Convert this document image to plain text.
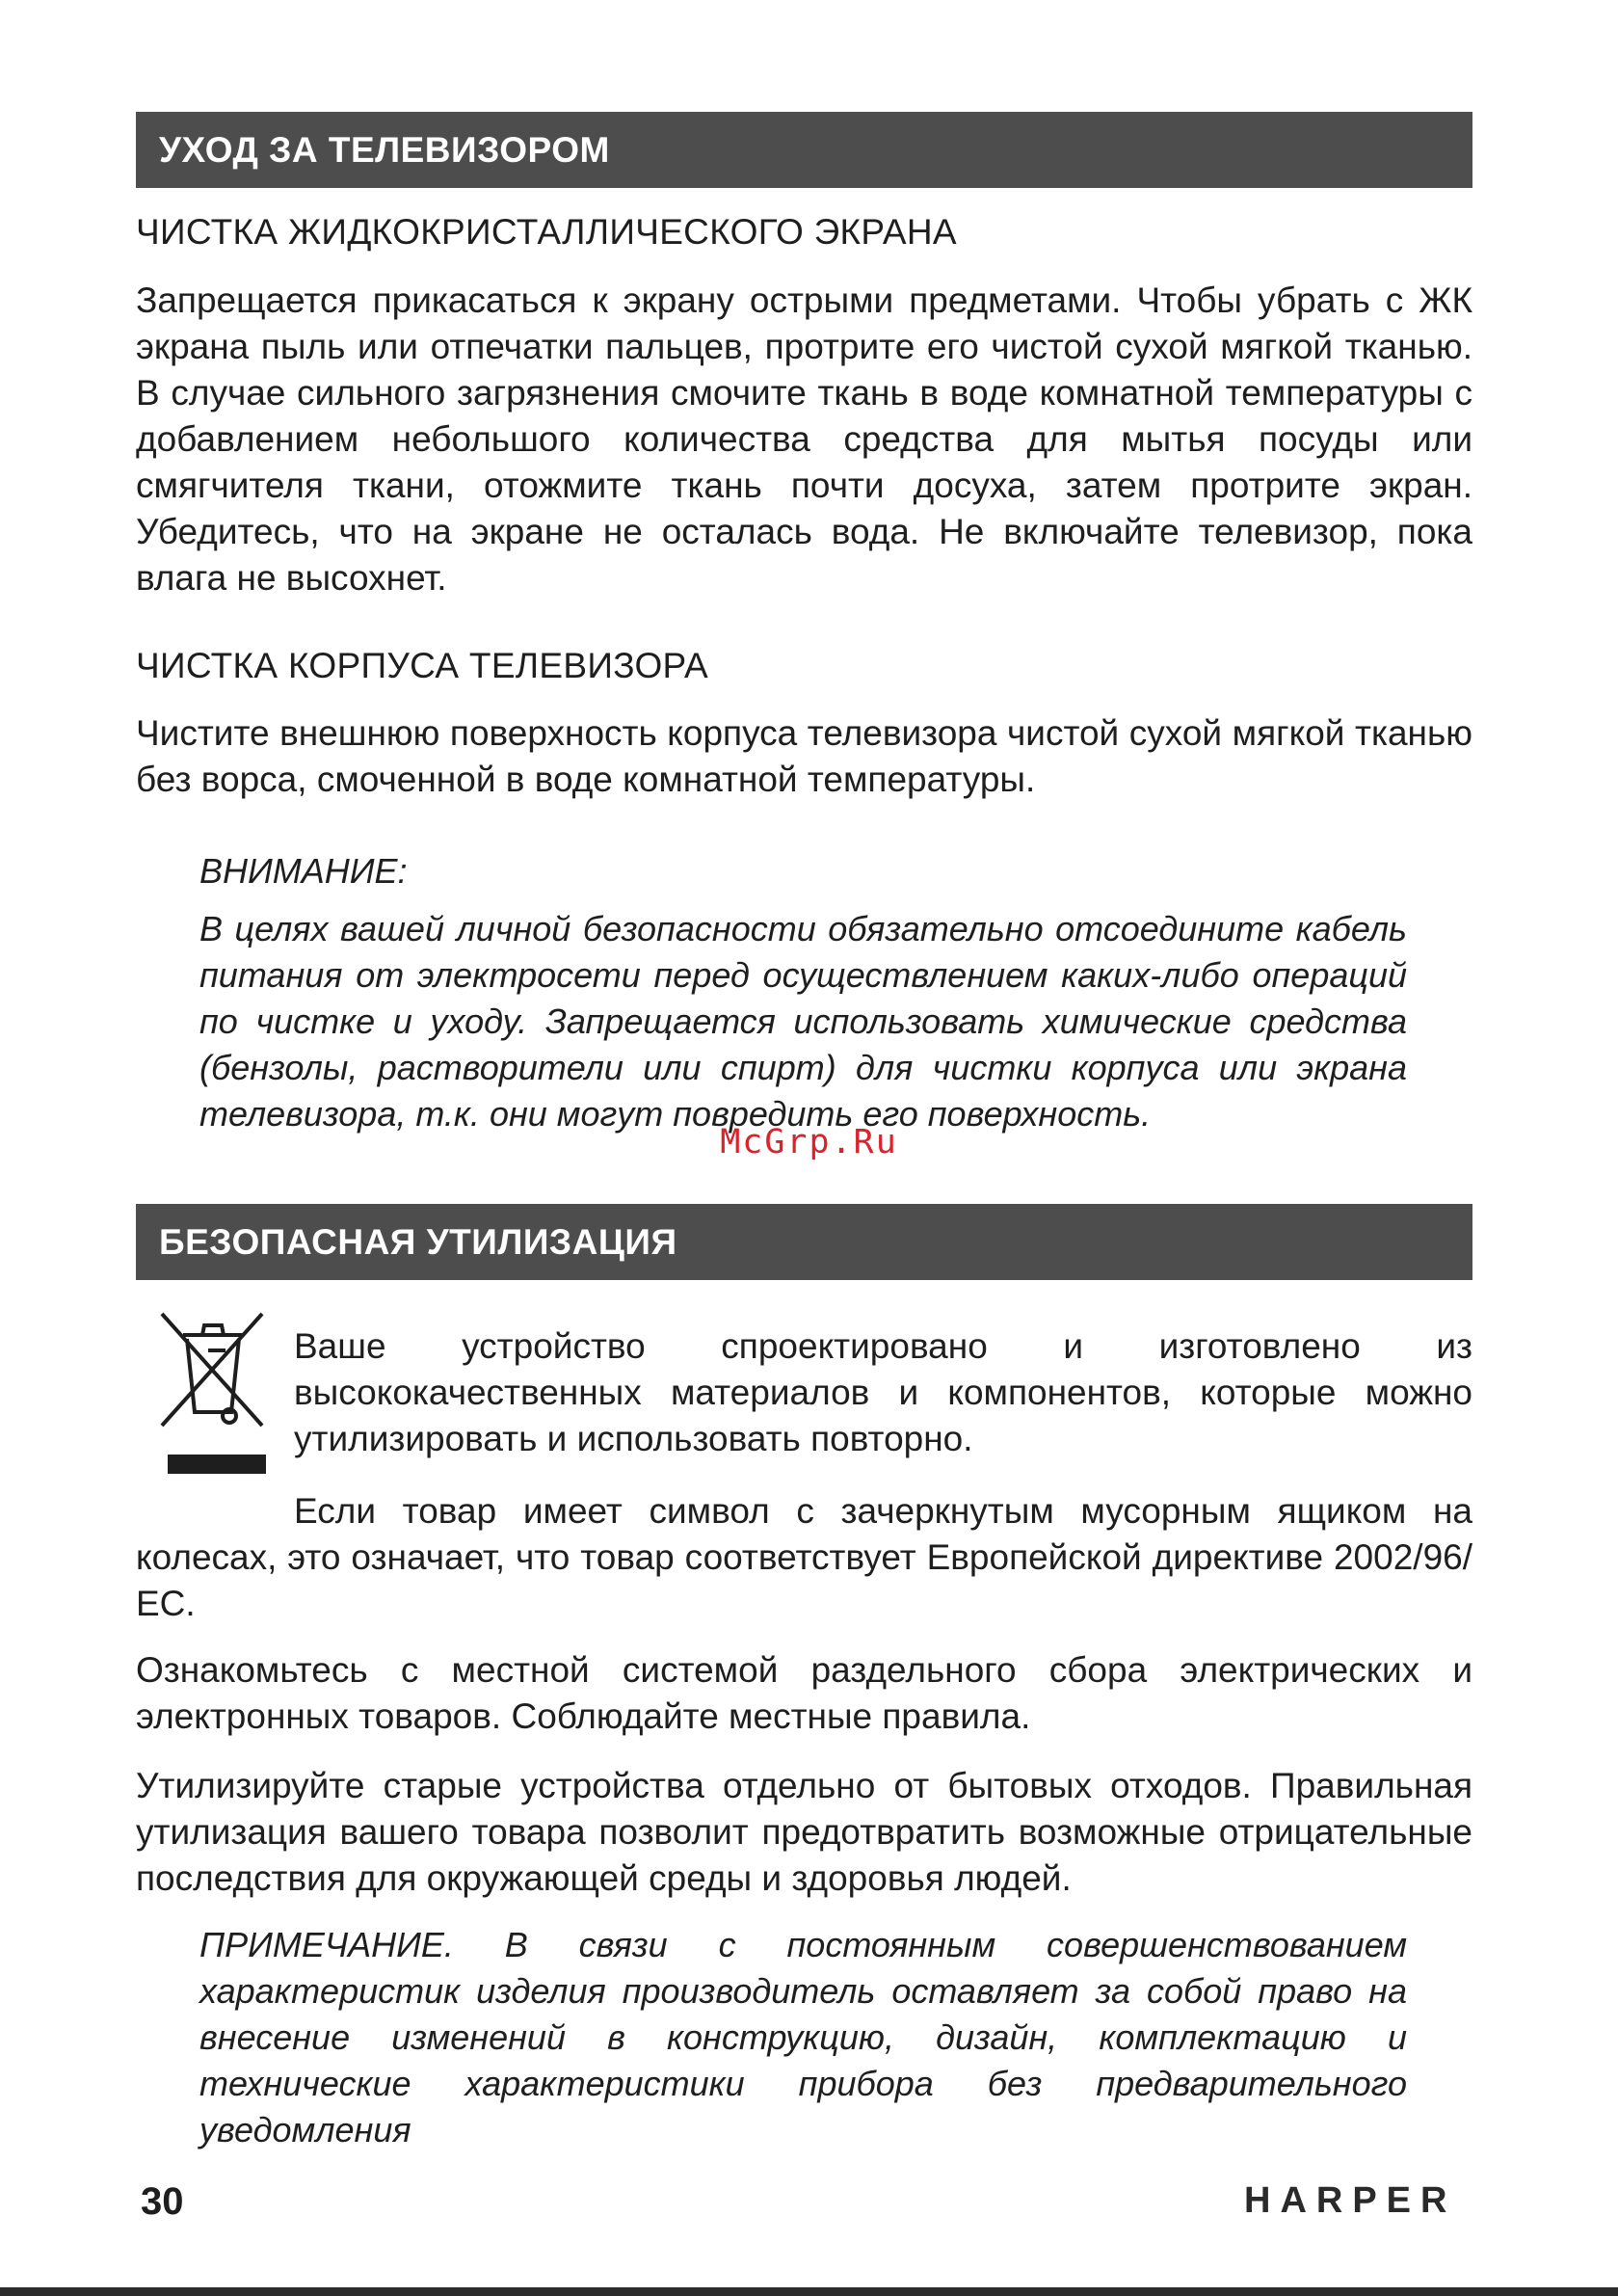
УХОД ЗА ТЕЛЕВИЗОРОМ
ЧИСТКА ЖИДКОКРИСТАЛЛИЧЕСКОГО ЭКРАНА
Запрещается прикасаться к экрану острыми предметами. Чтобы убрать с ЖК экрана пыль или отпечатки пальцев, протрите его чистой сухой мягкой тканью. В случае сильного загрязнения смочите ткань в воде комнатной температуры с добавлением небольшого количества средства для мытья посуды или смягчителя ткани, отожмите ткань почти досуха, затем протрите экран. Убедитесь, что на экране не осталась вода. Не включайте телевизор, пока влага не высохнет.
ЧИСТКА КОРПУСА ТЕЛЕВИЗОРА
Чистите внешнюю поверхность корпуса телевизора чистой сухой мягкой тканью без ворса, смоченной в воде комнатной температуры.
ВНИМАНИЕ:
В целях вашей личной безопасности обязательно отсоедините кабель питания от электросети перед осуществлением каких-либо операций по чистке и уходу. Запрещается использовать химические средства (бензолы, растворители или спирт) для чистки корпуса или экрана телевизора, т.к. они могут повредить его поверхность.
McGrp.Ru
БЕЗОПАСНАЯ УТИЛИЗАЦИЯ
Ваше устройство спроектировано и изготовлено из высококачественных материалов и компонентов, которые можно утилизировать и использовать повторно.
Если товар имеет символ с зачеркнутым мусорным ящиком на колесах, это означает, что товар соответствует Европейской директиве 2002/96/ЕС.
Ознакомьтесь с местной системой раздельного сбора электрических и электронных товаров. Соблюдайте местные правила.
Утилизируйте старые устройства отдельно от бытовых отходов. Правильная утилизация вашего товара позволит предотвратить возможные отрицательные последствия для окружающей среды и здоровья людей.
ПРИМЕЧАНИЕ. В связи с постоянным совершенствованием характеристик изделия производитель оставляет за собой право на внесение изменений в конструкцию, дизайн, комплектацию и технические характеристики прибора без предварительного уведомления
30	HARPER
